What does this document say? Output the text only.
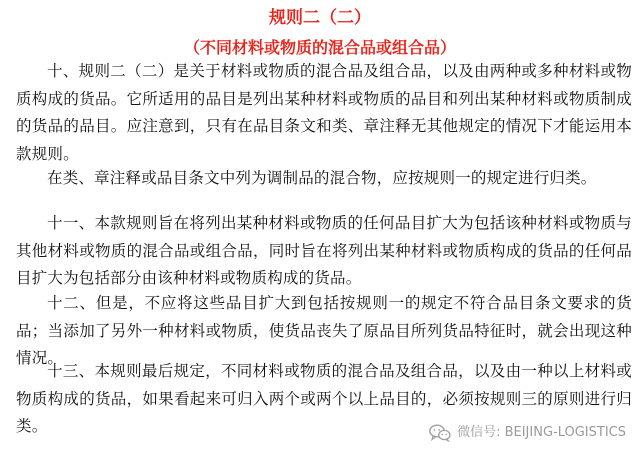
规则二（二）
（不同材料或物质的混合品或组合品）

十、规则二（二）是关于材料或物质的混合品及组合品，以及由两种或多种材料或物质构成的货品。它所适用的品目是列出某种材料或物质的品目和列出某种材料或物质制成的货品的品目。应注意到，只有在品目条文和类、章注释无其他规定的情况下才能运用本款规则。

在类、章注释或品目条文中列为调制品的混合物，应按规则一的规定进行归类。

十一、本款规则旨在将列出某种材料或物质的任何品目扩大为包括该种材料或物质与其他材料或物质的混合品或组合品，同时旨在将列出某种材料或物质构成的货品的任何品目扩大为包括部分由该种材料或物质构成的货品。

十二、但是，不应将这些品目扩大到包括按规则一的规定不符合品目条文要求的货品；当添加了另外一种材料或物质，使货品丧失了原品目所列货品特征时，就会出现这种情况。

十三、本规则最后规定，不同材料或物质的混合品及组合品，以及由一种以上材料或物质构成的货品，如果看起来可归入两个或两个以上品目的，必须按规则三的原则进行归类。	微信号: BEIJING-LOGISTICS
